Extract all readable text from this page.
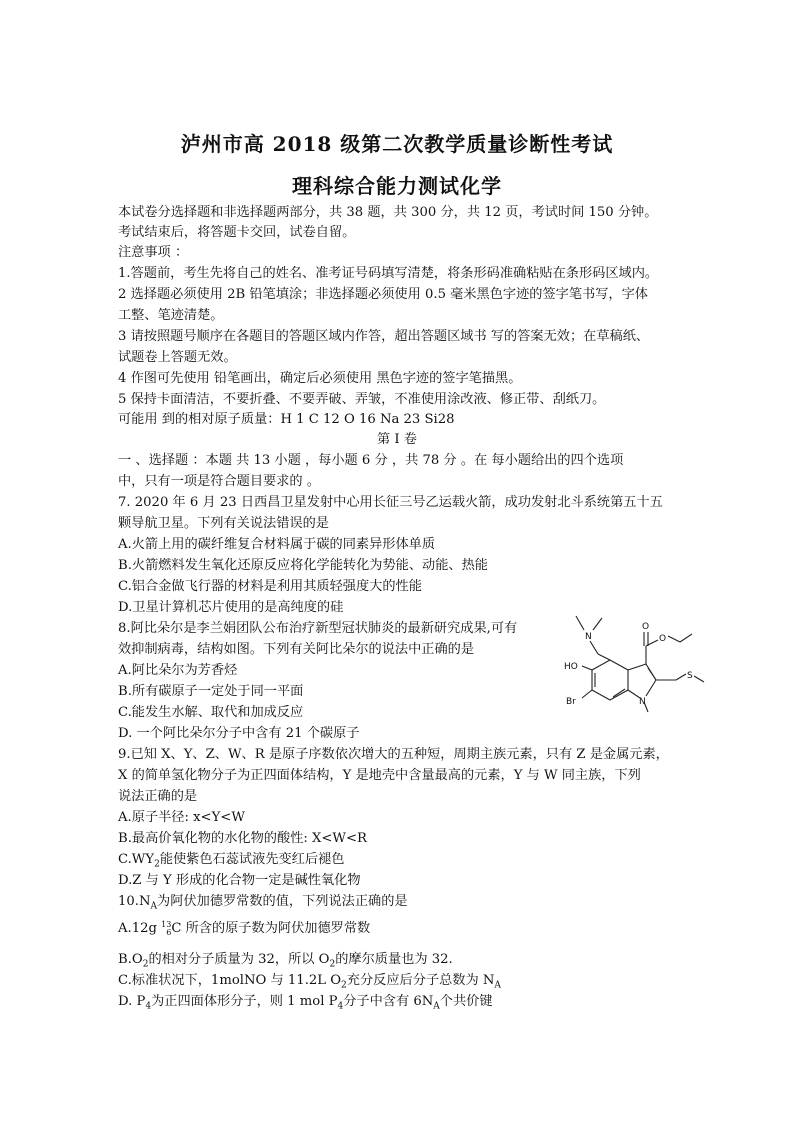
泸州市高 2018 级第二次教学质量诊断性考试
理科综合能力测试化学
本试卷分选择题和非选择题两部分，共 38 题，共 300 分，共 12 页，考试时间 150 分钟。
考试结束后，将答题卡交回，试卷自留。
注意事项 ：
1.答题前，考生先将自己的姓名、准考证号码填写清楚，将条形码准确粘贴在条形码区域内。
2 选择题必须使用 2B 铅笔填涂；非选择题必须使用 0.5 毫米黑色字迹的签字笔书写，字体
工整、笔迹清楚。
3 请按照题号顺序在各题目的答题区域内作答，超出答题区域书 写的答案无效；在草稿纸、
试题卷上答题无效。
4 作图可先使用 铅笔画出，确定后必须使用 黑色字迹的签字笔描黑。
5 保持卡面清洁，不要折叠、不要弄破、弄皱，不准使用涂改液、修正带、刮纸刀。
可能用 到的相对原子质量：H 1 C 12 O 16 Na 23 Si28
第 I 卷
一 、选择题 ：本题 共 13 小题 ，每小题 6 分 ，共 78 分 。在 每小题给出的四个选项
中，只有一项是符合题目要求的 。
7. 2020 年 6 月 23 日西昌卫星发射中心用长征三号乙运载火箭，成功发射北斗系统第五十五
颗导航卫星。下列有关说法错误的是
A.火箭上用的碳纤维复合材料属于碳的同素异形体单质
B.火箭燃料发生氧化还原反应将化学能转化为势能、动能、热能
C.铝合金做飞行器的材料是利用其质轻强度大的性能
D.卫星计算机芯片使用的是高纯度的硅
8.阿比朵尔是李兰娟团队公布治疗新型冠状肺炎的最新研究成果,可有
效抑制病毒，结构如图。下列有关阿比朵尔的说法中正确的是
A.阿比朵尔为芳香烃
B.所有碳原子一定处于同一平面
C.能发生水解、取代和加成反应
D. 一个阿比朵尔分子中含有 21 个碳原子
N
O
O
HO
S
Br	N
9.已知 X、Y、Z、W、R 是原子序数依次增大的五种短，周期主族元素，只有 Z 是金属元素，
X 的简单氢化物分子为正四面体结构，Y 是地壳中含量最高的元素，Y 与 W 同主族，下列
说法正确的是
A.原子半径: x<Y<W
B.最高价氧化物的水化物的酸性: X<W<R
$C.WY_2$能使紫色石蕊试液先变红后褪色
D.Z 与 Y 形成的化合物一定是碱性氧化物
$10.N_A$为阿伏加德罗常数的值，下列说法正确的是
A.12g 13
6 C 所含的原子数为阿伏加德罗常数
$B.O_2$的相对分子质量为 32，所以 $O_2$的摩尔质量也为 32.
C.标准状况下，1molNO 与 11.2L $O_2$充分反应后分子总数为 $N_A$
D. $P_4$为正四面体形分子，则 1 mol $P_4$分子中含有 $6N_A$个共价键
